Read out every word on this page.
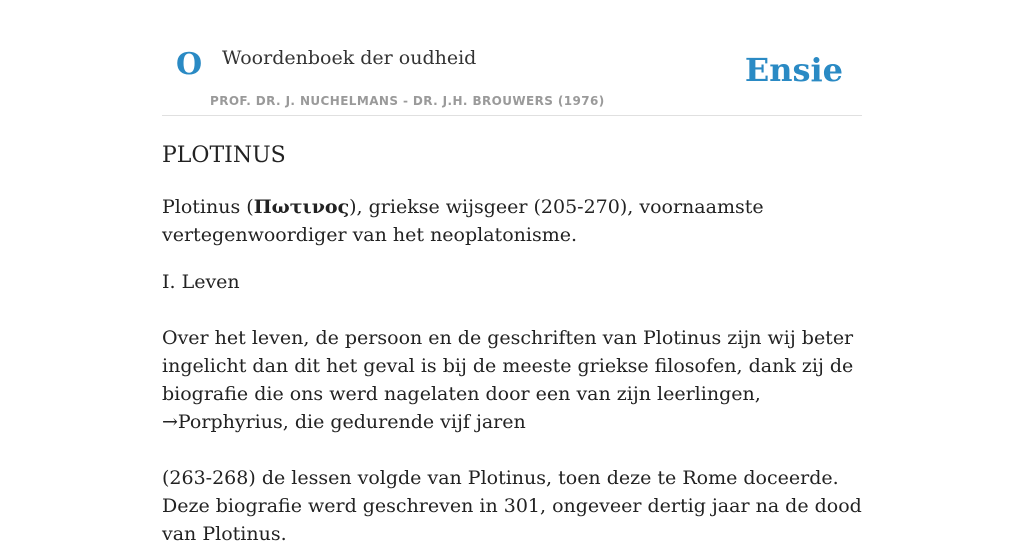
O Woordenboek der oudheid
PROF. DR. J. NUCHELMANS - DR. J.H. BROUWERS (1976)
Ensie
PLOTINUS

Plotinus (Πωτινος), griekse wijsgeer (205-270), voornaamste vertegenwoordiger van het neoplatonisme.

I. Leven

Over het leven, de persoon en de geschriften van Plotinus zijn wij beter ingelicht dan dit het geval is bij de meeste griekse filosofen, dank zij de biografie die ons werd nagelaten door een van zijn leerlingen, →Porphyrius, die gedurende vijf jaren

(263-268) de lessen volgde van Plotinus, toen deze te Rome doceerde. Deze biografie werd geschreven in 301, ongeveer dertig jaar na de dood van Plotinus.
